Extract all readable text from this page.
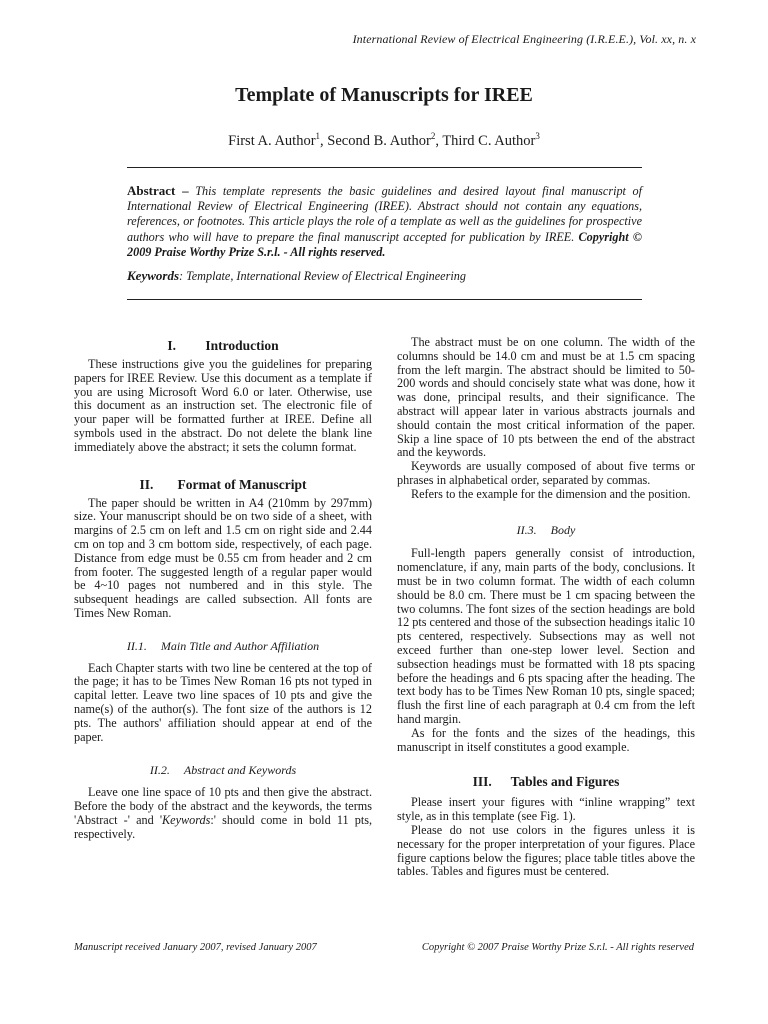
International Review of Electrical Engineering (I.R.E.E.), Vol. xx, n. x
Template of Manuscripts for IREE
First A. Author$^1$, Second B. Author$^2$, Third C. Author$^3$
Abstract – This template represents the basic guidelines and desired layout final manuscript of International Review of Electrical Engineering (IREE). Abstract should not contain any equations, references, or footnotes. This article plays the role of a template as well as the guidelines for prospective authors who will have to prepare the final manuscript accepted for publication by IREE. Copyright © 2009 Praise Worthy Prize S.r.l. - All rights reserved.
Keywords: Template, International Review of Electrical Engineering
I. Introduction

These instructions give you the guidelines for preparing papers for IREE Review. Use this document as a template if you are using Microsoft Word 6.0 or later. Otherwise, use this document as an instruction set. The electronic file of your paper will be formatted further at IREE. Define all symbols used in the abstract. Do not delete the blank line immediately above the abstract; it sets the column format.

II. Format of Manuscript

The paper should be written in A4 (210mm by 297mm) size. Your manuscript should be on two side of a sheet, with margins of 2.5 cm on left and 1.5 cm on right side and 2.44 cm on top and 3 cm bottom side, respectively, of each page. Distance from edge must be 0.55 cm from header and 2 cm from footer. The suggested length of a regular paper would be 4~10 pages not numbered and in this style. The subsequent headings are called subsection. All fonts are Times New Roman.

II.1. Main Title and Author Affiliation

Each Chapter starts with two line be centered at the top of the page; it has to be Times New Roman 16 pts not typed in capital letter. Leave two line spaces of 10 pts and give the name(s) of the author(s). The font size of the authors is 12 pts. The authors' affiliation should appear at end of the paper.

II.2. Abstract and Keywords

Leave one line space of 10 pts and then give the abstract. Before the body of the abstract and the keywords, the terms 'Abstract -' and 'Keywords:' should come in bold 11 pts, respectively.

The abstract must be on one column. The width of the columns should be 14.0 cm and must be at 1.5 cm spacing from the left margin. The abstract should be limited to 50-200 words and should concisely state what was done, how it was done, principal results, and their significance. The abstract will appear later in various abstracts journals and should contain the most critical information of the paper. Skip a line space of 10 pts between the end of the abstract and the keywords.

Keywords are usually composed of about five terms or phrases in alphabetical order, separated by commas.

Refers to the example for the dimension and the position.

II.3. Body

Full-length papers generally consist of introduction, nomenclature, if any, main parts of the body, conclusions. It must be in two column format. The width of each column should be 8.0 cm. There must be 1 cm spacing between the two columns. The font sizes of the section headings are bold 12 pts centered and those of the subsection headings italic 10 pts centered, respectively. Subsections may as well not exceed further than one-step lower level. Section and subsection headings must be formatted with 18 pts spacing before the headings and 6 pts spacing after the heading. The text body has to be Times New Roman 10 pts, single spaced; flush the first line of each paragraph at 0.4 cm from the left hand margin.

As for the fonts and the sizes of the headings, this manuscript in itself constitutes a good example.

III. Tables and Figures

Please insert your figures with “inline wrapping” text style, as in this template (see Fig. 1).

Please do not use colors in the figures unless it is necessary for the proper interpretation of your figures. Place figure captions below the figures; place table titles above the tables. Tables and figures must be centered.

Manuscript received January 2007, revised January 2007	Copyright © 2007 Praise Worthy Prize S.r.l. - All rights reserved
